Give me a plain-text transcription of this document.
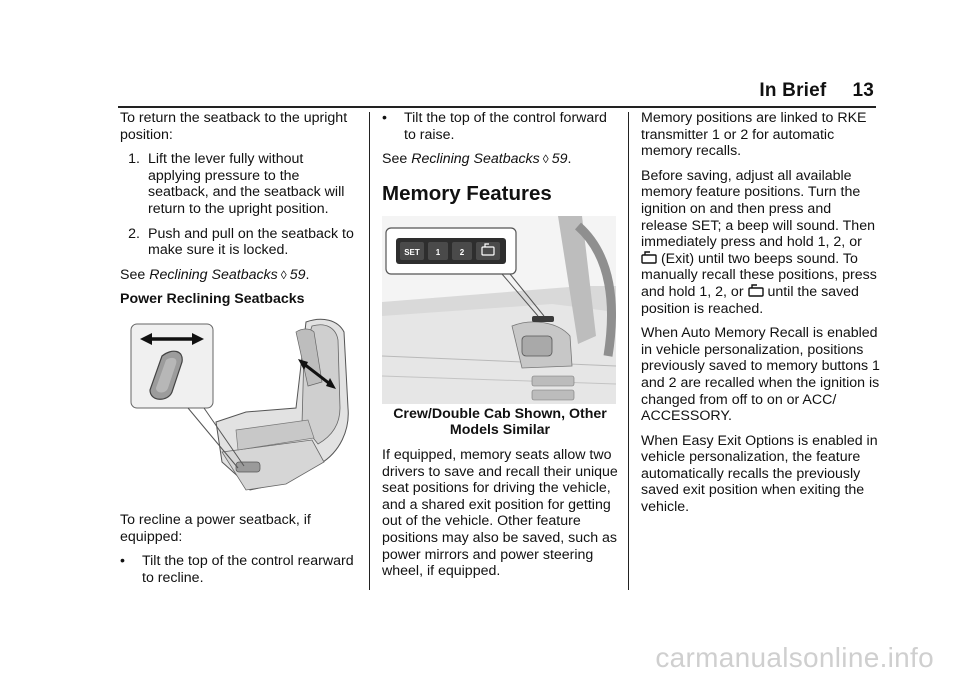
In Brief 13

To return the seatback to the upright position:

1. Lift the lever fully without applying pressure to the seatback, and the seatback will return to the upright position.
2. Push and pull on the seatback to make sure it is locked.

See Reclining Seatbacks ◊ 59.

Power Reclining Seatbacks

To recline a power seatback, if equipped:

•	Tilt the top of the control rearward to recline.
•	Tilt the top of the control forward to raise.

See Reclining Seatbacks ◊ 59.

Memory Features
SET 1 2

Crew/Double Cab Shown, Other Models Similar

If equipped, memory seats allow two drivers to save and recall their unique seat positions for driving the vehicle, and a shared exit position for getting out of the vehicle. Other feature positions may also be saved, such as power mirrors and power steering wheel, if equipped.

Memory positions are linked to RKE transmitter 1 or 2 for automatic memory recalls.

Before saving, adjust all available memory feature positions. Turn the ignition on and then press and release SET; a beep will sound. Then immediately press and hold 1, 2, or  (Exit) until two beeps sound. To manually recall these positions, press and hold 1, 2, or until the saved position is reached.

When Auto Memory Recall is enabled in vehicle personalization, positions previously saved to memory buttons 1 and 2 are recalled when the ignition is changed from off to on or ACC/ ACCESSORY.

When Easy Exit Options is enabled in vehicle personalization, the feature automatically recalls the previously saved exit position when exiting the vehicle.

carmanualsonline.info
